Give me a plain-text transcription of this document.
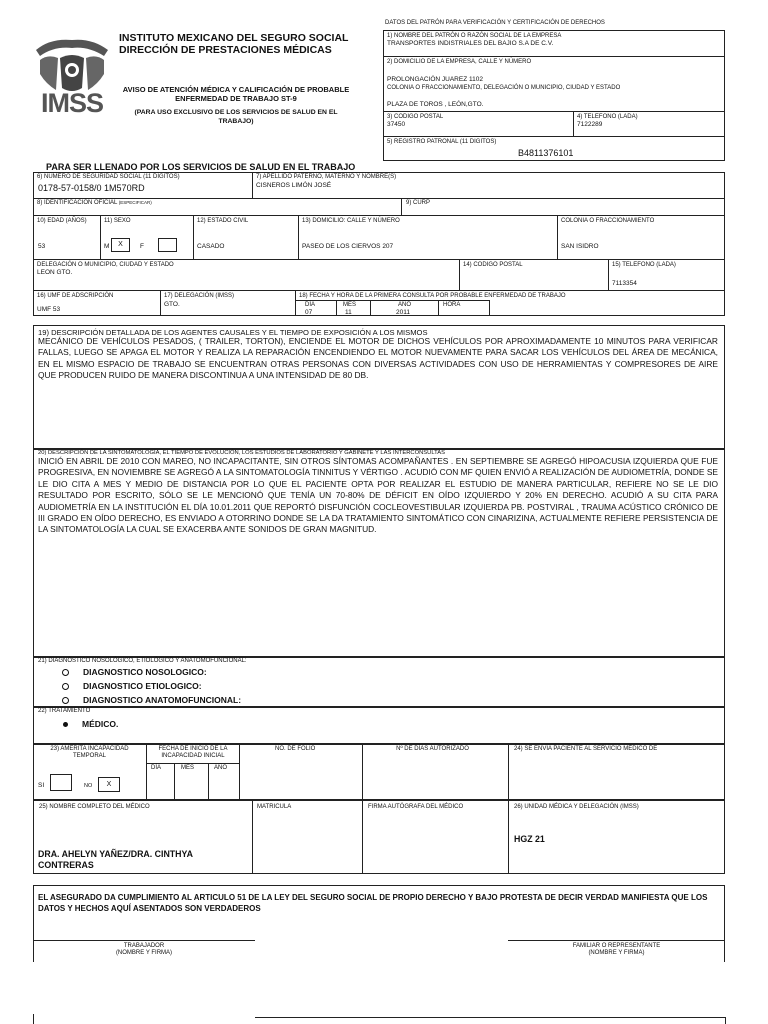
IMSS
INSTITUTO MEXICANO DEL SEGURO SOCIAL
DIRECCIÓN DE PRESTACIONES MÉDICAS
AVISO DE ATENCIÓN MÉDICA Y CALIFICACIÓN DE PROBABLE ENFERMEDAD DE TRABAJO ST-9
(PARA USO EXCLUSIVO DE LOS SERVICIOS DE SALUD EN EL TRABAJO)
DATOS DEL PATRÓN PARA VERIFICACIÓN Y CERTIFICACIÓN DE DERECHOS
1) NOMBRE DEL PATRÓN O RAZÓN SOCIAL DE LA EMPRESA
TRANSPORTES INDISTRIALES DEL BAJIO S.A DE C.V.
2) DOMICILIO DE LA EMPRESA, CALLE Y NÚMERO
PROLONGACIÓN JUAREZ 1102
COLONIA O FRACCIONAMIENTO, DELEGACIÓN O MUNICIPIO, CIUDAD Y ESTADO
PLAZA DE TOROS , LEÓN,GTO.
3) CODIGO POSTAL
37450
4) TELEFONO (LADA)
7122289
5) REGISTRO PATRONAL (11 DIGITOS)
B4811376101
PARA SER LLENADO POR LOS SERVICIOS DE SALUD EN EL TRABAJO
6) NÚMERO DE SEGURIDAD SOCIAL (11 DIGITOS)
0178-57-0158/0 1M570RD
7) APELLIDO PATERNO, MATERNO Y NOMBRE(S)
CISNEROS LIMÓN JOSÉ
8) IDENTIFICACIÓN OFICIAL (ESPECIFICAR)	9) CURP
10) EDAD (AÑOS)
53
11) SEXO
M	X	F
12) ESTADO CIVIL
CASADO
13) DOMICILIO: CALLE Y NÚMERO
PASEO DE LOS CIERVOS 207
COLONIA O FRACCIONAMIENTO
SAN ISIDRO
DELEGACIÓN O MUNICIPIO, CIUDAD Y ESTADO
LEON GTO.
14) CODIGO POSTAL	15) TELEFONO (LADA)
7113354
16) UMF DE ADSCRIPCIÓN
UMF 53
17) DELEGACIÓN (IMSS)
GTO.
18) FECHA Y HORA DE LA PRIMERA CONSULTA POR PROBABLE ENFERMEDAD DE TRABAJO
DÍA	MES	AÑO	HORA
07	11	2011
19) DESCRIPCIÓN DETALLADA DE LOS AGENTES CAUSALES Y EL TIEMPO DE EXPOSICIÓN A LOS MISMOS
MECÁNICO DE VEHÍCULOS PESADOS, ( TRAILER, TORTON), ENCIENDE EL MOTOR DE DICHOS VEHÍCULOS POR APROXIMADAMENTE 10 MINUTOS PARA VERIFICAR FALLAS, LUEGO SE APAGA EL MOTOR Y REALIZA LA REPARACIÓN ENCENDIENDO EL MOTOR NUEVAMENTE PARA SACAR LOS VEHÍCULOS DEL ÁREA DE MECÁNICA, EN EL MISMO ESPACIO DE TRABAJO SE ENCUENTRAN OTRAS PERSONAS CON DIVERSAS ACTIVIDADES CON USO DE HERRAMIENTAS Y COMPRESORES DE AIRE QUE PRODUCEN RUIDO DE MANERA DISCONTINUA A UNA INTENSIDAD DE 80 DB.
20) DESCRIPCIÓN DE LA SINTOMATOLOGÍA, EL TIEMPO DE EVOLUCIÓN, LOS ESTUDIOS DE LABORATORIO Y GABINETE Y LAS INTERCONSULTAS
INICIÓ EN ABRIL DE 2010 CON MAREO, NO INCAPACITANTE, SIN OTROS SÍNTOMAS ACOMPAÑANTES . EN SEPTIEMBRE SE AGREGÓ HIPOACUSIA IZQUIERDA QUE FUE PROGRESIVA, EN NOVIEMBRE SE AGREGÓ A LA SINTOMATOLOGÍA TINNITUS Y VÉRTIGO . ACUDIÓ CON MF QUIEN ENVIÓ A REALIZACIÓN DE AUDIOMETRÍA, DONDE SE LE DIO CITA A MES Y MEDIO DE DISTANCIA POR LO QUE EL PACIENTE OPTA POR REALIZAR EL ESTUDIO DE MANERA PARTICULAR, REFIERE NO SE LE DIO RESULTADO POR ESCRITO, SÓLO SE LE MENCIONÓ QUE TENÍA UN 70-80% DE DÉFICIT EN OÍDO IZQUIERDO Y 20% EN DERECHO. ACUDIÓ A SU CITA PARA AUDIOMETRÍA EN LA INSTITUCIÓN EL DÍA 10.01.2011 QUE REPORTÓ DISFUNCIÓN COCLEOVESTIBULAR IZQUIERDA PB. POSTVIRAL , TRAUMA ACÚSTICO CRÓNICO DE III GRADO EN OÍDO DERECHO, ES ENVIADO A OTORRINO DONDE SE LA DA TRATAMIENTO SINTOMÁTICO CON CINARIZINA, ACTUALMENTE REFIERE PERSISTENCIA DE LA SINTOMATOLOGÍA LA CUAL SE EXACERBA ANTE SONIDOS DE GRAN MAGNITUD.
21) DIAGNÓSTICO NOSOLÓGICO, ETIOLÓGICO Y ANATOMOFUNCIONAL:
DIAGNOSTICO NOSOLOGICO:
DIAGNOSTICO ETIOLOGICO:
DIAGNOSTICO ANATOMOFUNCIONAL:
22) TRATAMIENTO
MÉDICO.
23) AMERITA INCAPACIDAD TEMPORAL
SI	NO	X
FECHA DE INICIO DE LA INCAPACIDAD INICIAL
DÍA	MES	AÑO
NO. DE FOLIO	Nº DE DÍAS AUTORIZADO	24) SE ENVIA PACIENTE AL SERVICIO MÉDICO DE
25) NOMBRE COMPLETO DEL MÉDICO
DRA. AHELYN YAÑEZ/DRA. CINTHYA CONTRERAS
MATRICULA	FIRMA AUTÓGRAFA DEL MÉDICO	26) UNIDAD MÉDICA Y DELEGACIÓN (IMSS)
HGZ 21
EL ASEGURADO DA CUMPLIMIENTO AL ARTICULO 51 DE LA LEY DEL SEGURO SOCIAL DE PROPIO DERECHO Y BAJO PROTESTA DE DECIR VERDAD MANIFIESTA QUE LOS DATOS Y HECHOS AQUÍ ASENTADOS SON VERDADEROS
TRABAJADOR
(NOMBRE Y FIRMA)
FAMILIAR O REPRESENTANTE
(NOMBRE Y FIRMA)
